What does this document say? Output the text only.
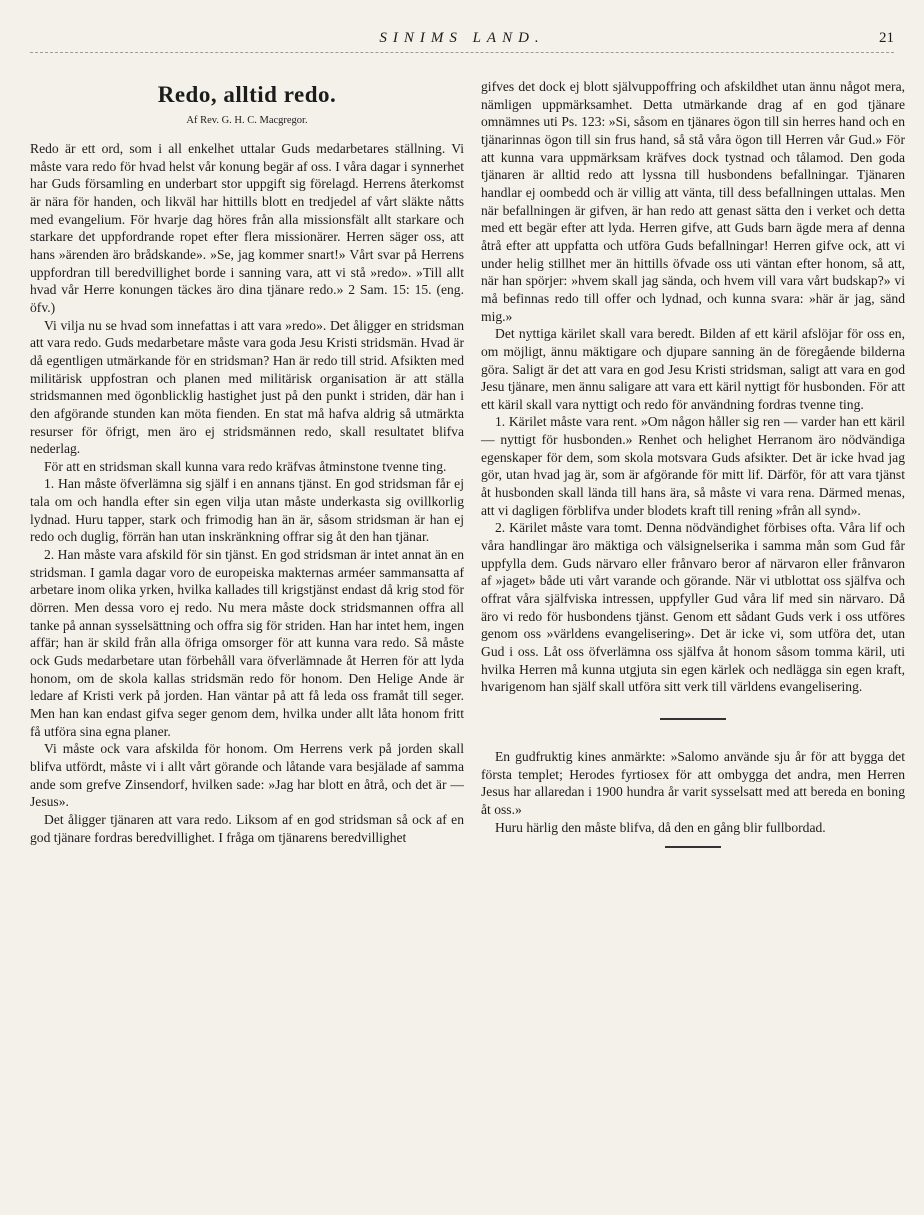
SINIMS LAND.	21
Redo, alltid redo.
Af Rev. G. H. C. Macgregor.

Redo är ett ord, som i all enkelhet uttalar Guds medarbetares ställning. Vi måste vara redo för hvad helst vår konung begär af oss. I våra dagar i synnerhet har Guds församling en underbart stor uppgift sig förelagd. Herrens återkomst är nära för handen, och likväl har hittills blott en tredjedel af vårt släkte nåtts med evangelium. För hvarje dag höres från alla missionsfält allt starkare och starkare det uppfordrande ropet efter flera missionärer. Herren säger oss, att hans »ärenden äro brådskande». »Se, jag kommer snart!» Vårt svar på Herrens uppfordran till beredvillighet borde i sanning vara, att vi stå »redo». »Till allt hvad vår Herre konungen täckes äro dina tjänare redo.» 2 Sam. 15: 15. (eng. öfv.)

Vi vilja nu se hvad som innefattas i att vara »redo». Det åligger en stridsman att vara redo. Guds medarbetare måste vara goda Jesu Kristi stridsmän. Hvad är då egentligen utmärkande för en stridsman? Han är redo till strid. Afsikten med militärisk uppfostran och planen med militärisk organisation är att ställa stridsmannen med ögonblicklig hastighet just på den punkt i striden, där han i den afgörande stunden kan möta fienden. En stat må hafva aldrig så utmärkta resurser för öfrigt, men äro ej stridsmännen redo, skall resultatet blifva nederlag.

För att en stridsman skall kunna vara redo kräfvas åtminstone tvenne ting.

1. Han måste öfverlämna sig själf i en annans tjänst. En god stridsman får ej tala om och handla efter sin egen vilja utan måste underkasta sig ovillkorlig lydnad. Huru tapper, stark och frimodig han än är, såsom stridsman är han ej redo och duglig, förrän han utan inskränkning offrar sig åt den han tjänar.

2. Han måste vara afskild för sin tjänst. En god stridsman är intet annat än en stridsman. I gamla dagar voro de europeiska makternas arméer sammansatta af arbetare inom olika yrken, hvilka kallades till krigstjänst endast då krig stod för dörren. Men dessa voro ej redo. Nu mera måste dock stridsmannen offra all tanke på annan sysselsättning och offra sig för striden. Han har intet hem, ingen affär; han är skild från alla öfriga omsorger för att kunna vara redo. Så måste ock Guds medarbetare utan förbehåll vara öfverlämnade åt Herren för att lyda honom, om de skola kallas stridsmän redo för honom. Den Helige Ande är ledare af Kristi verk på jorden. Han väntar på att få leda oss framåt till seger. Men han kan endast gifva seger genom dem, hvilka under allt låta honom fritt få utföra sina egna planer.

Vi måste ock vara afskilda för honom. Om Herrens verk på jorden skall blifva utfördt, måste vi i allt vårt görande och låtande vara besjälade af samma ande som grefve Zinsendorf, hvilken sade: »Jag har blott en åtrå, och det är — Jesus».

Det åligger tjänaren att vara redo. Liksom af en god stridsman så ock af en god tjänare fordras beredvillighet. I fråga om tjänarens beredvillighet

gifves det dock ej blott självuppoffring och afskildhet utan ännu något mera, nämligen uppmärksamhet. Detta utmärkande drag af en god tjänare omnämnes uti Ps. 123: »Si, såsom en tjänares ögon till sin herres hand och en tjänarinnas ögon till sin frus hand, så stå våra ögon till Herren vår Gud.» För att kunna vara uppmärksam kräfves dock tystnad och tålamod. Den goda tjänaren är alltid redo att lyssna till husbondens befallningar. Tjänaren handlar ej oombedd och är villig att vänta, till dess befallningen uttalas. Men när befallningen är gifven, är han redo att genast sätta den i verket och detta med ett begär efter att lyda. Herren gifve, att Guds barn ägde mera af denna åtrå efter att uppfatta och utföra Guds befallningar! Herren gifve ock, att vi under helig stillhet mer än hittills öfvade oss uti väntan efter honom, så att, när han spörjer: »hvem skall jag sända, och hvem vill vara vårt budskap?» vi må befinnas redo till offer och lydnad, och kunna svara: »här är jag, sänd mig.»

Det nyttiga kärilet skall vara beredt. Bilden af ett käril afslöjar för oss en, om möjligt, ännu mäktigare och djupare sanning än de föregående bilderna göra. Saligt är det att vara en god Jesu Kristi stridsman, saligt att vara en god Jesu tjänare, men ännu saligare att vara ett käril nyttigt för husbonden. För att ett käril skall vara nyttigt och redo för användning fordras tvenne ting.

1. Kärilet måste vara rent. »Om någon håller sig ren — varder han ett käril — nyttigt för husbonden.» Renhet och helighet Herranom äro nödvändiga egenskaper för dem, som skola motsvara Guds afsikter. Det är icke hvad jag gör, utan hvad jag är, som är afgörande för mitt lif. Därför, för att vara tjänst åt husbonden skall lända till hans ära, så måste vi vara rena. Därmed menas, att vi dagligen förblifva under blodets kraft till rening »från all synd».

2. Kärilet måste vara tomt. Denna nödvändighet förbises ofta. Våra lif och våra handlingar äro mäktiga och välsignelserika i samma mån som Gud får uppfylla dem. Guds närvaro eller frånvaro beror af närvaron eller frånvaron af »jaget» både uti vårt varande och görande. När vi utblottat oss själfva och offrat våra själfviska intressen, uppfyller Gud våra lif med sin närvaro. Då äro vi redo för husbondens tjänst. Genom ett sådant Guds verk i oss utföres genom oss »världens evangelisering». Det är icke vi, som utföra det, utan Gud i oss. Låt oss öfverlämna oss själfva åt honom såsom tomma käril, uti hvilka Herren må kunna utgjuta sin egen kärlek och nedlägga sin egen kraft, hvarigenom han själf skall utföra sitt verk till världens evangelisering.

En gudfruktig kines anmärkte: »Salomo använde sju år för att bygga det första templet; Herodes fyrtiosex för att ombygga det andra, men Herren Jesus har allaredan i 1900 hundra år varit sysselsatt med att bereda en boning åt oss.»

Huru härlig den måste blifva, då den en gång blir fullbordad.
